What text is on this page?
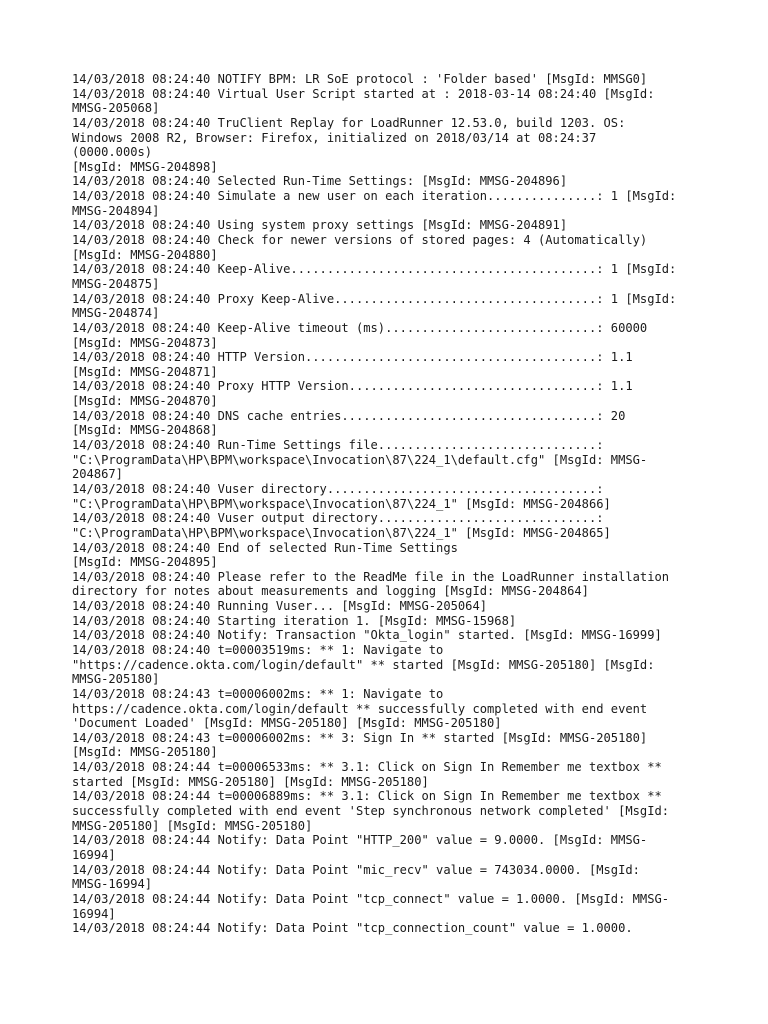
14/03/2018 08:24:40 NOTIFY BPM: LR SoE protocol : 'Folder based' [MsgId: MMSG0]
14/03/2018 08:24:40 Virtual User Script started at : 2018-03-14 08:24:40 [MsgId:
MMSG-205068]
14/03/2018 08:24:40 TruClient Replay for LoadRunner 12.53.0, build 1203. OS:
Windows 2008 R2, Browser: Firefox, initialized on 2018/03/14 at 08:24:37
(0000.000s)
[MsgId: MMSG-204898]
14/03/2018 08:24:40 Selected Run-Time Settings: [MsgId: MMSG-204896]
14/03/2018 08:24:40 Simulate a new user on each iteration...............: 1 [MsgId:
MMSG-204894]
14/03/2018 08:24:40 Using system proxy settings [MsgId: MMSG-204891]
14/03/2018 08:24:40 Check for newer versions of stored pages: 4 (Automatically)
[MsgId: MMSG-204880]
14/03/2018 08:24:40 Keep-Alive..........................................: 1 [MsgId:
MMSG-204875]
14/03/2018 08:24:40 Proxy Keep-Alive....................................: 1 [MsgId:
MMSG-204874]
14/03/2018 08:24:40 Keep-Alive timeout (ms).............................: 60000
[MsgId: MMSG-204873]
14/03/2018 08:24:40 HTTP Version........................................: 1.1
[MsgId: MMSG-204871]
14/03/2018 08:24:40 Proxy HTTP Version..................................: 1.1
[MsgId: MMSG-204870]
14/03/2018 08:24:40 DNS cache entries...................................: 20
[MsgId: MMSG-204868]
14/03/2018 08:24:40 Run-Time Settings file..............................:
"C:\ProgramData\HP\BPM\workspace\Invocation\87\224_1\default.cfg" [MsgId: MMSG-
204867]
14/03/2018 08:24:40 Vuser directory.....................................:
"C:\ProgramData\HP\BPM\workspace\Invocation\87\224_1" [MsgId: MMSG-204866]
14/03/2018 08:24:40 Vuser output directory..............................:
"C:\ProgramData\HP\BPM\workspace\Invocation\87\224_1" [MsgId: MMSG-204865]
14/03/2018 08:24:40 End of selected Run-Time Settings
[MsgId: MMSG-204895]
14/03/2018 08:24:40 Please refer to the ReadMe file in the LoadRunner installation
directory for notes about measurements and logging [MsgId: MMSG-204864]
14/03/2018 08:24:40 Running Vuser... [MsgId: MMSG-205064]
14/03/2018 08:24:40 Starting iteration 1. [MsgId: MMSG-15968]
14/03/2018 08:24:40 Notify: Transaction "Okta_login" started. [MsgId: MMSG-16999]
14/03/2018 08:24:40 t=00003519ms: ** 1: Navigate to
"https://cadence.okta.com/login/default" ** started [MsgId: MMSG-205180] [MsgId:
MMSG-205180]
14/03/2018 08:24:43 t=00006002ms: ** 1: Navigate to
https://cadence.okta.com/login/default ** successfully completed with end event
'Document Loaded' [MsgId: MMSG-205180] [MsgId: MMSG-205180]
14/03/2018 08:24:43 t=00006002ms: ** 3: Sign In ** started [MsgId: MMSG-205180]
[MsgId: MMSG-205180]
14/03/2018 08:24:44 t=00006533ms: ** 3.1: Click on Sign In Remember me textbox **
started [MsgId: MMSG-205180] [MsgId: MMSG-205180]
14/03/2018 08:24:44 t=00006889ms: ** 3.1: Click on Sign In Remember me textbox **
successfully completed with end event 'Step synchronous network completed' [MsgId:
MMSG-205180] [MsgId: MMSG-205180]
14/03/2018 08:24:44 Notify: Data Point "HTTP_200" value = 9.0000. [MsgId: MMSG-
16994]
14/03/2018 08:24:44 Notify: Data Point "mic_recv" value = 743034.0000. [MsgId:
MMSG-16994]
14/03/2018 08:24:44 Notify: Data Point "tcp_connect" value = 1.0000. [MsgId: MMSG-
16994]
14/03/2018 08:24:44 Notify: Data Point "tcp_connection_count" value = 1.0000.
